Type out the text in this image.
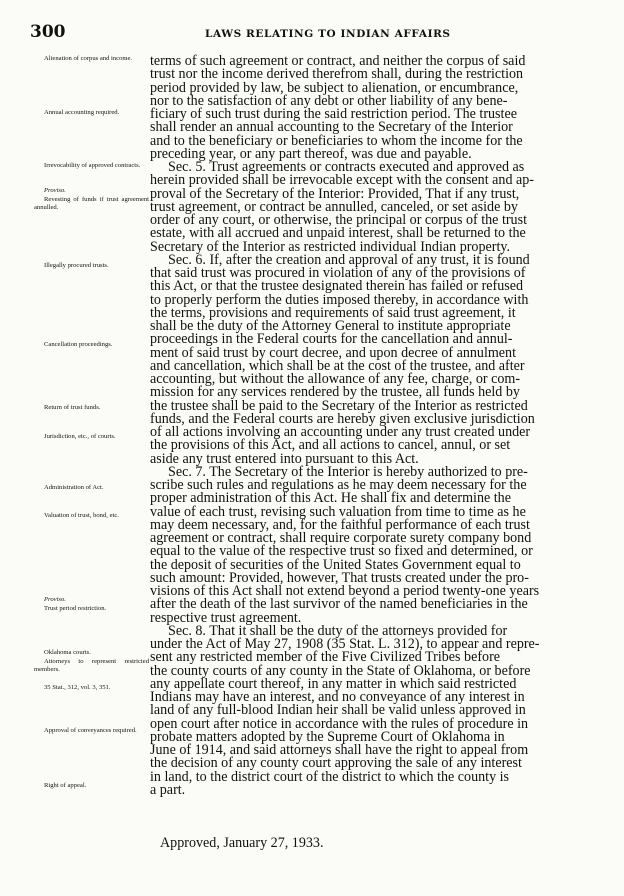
300	LAWS RELATING TO INDIAN AFFAIRS
Alienation of corpus and income.
Annual accounting required.
Irrevocability of approved contracts.
Proviso.
Revesting of funds if trust agreement annulled.
Illegally procured trusts.
Cancellation proceedings.
Return of trust funds.
Jurisdiction, etc., of courts.
Administration of Act.
Valuation of trust, bond, etc.
Proviso.
Trust period restriction.
Oklahoma courts.
Attorneys to represent restricted members.
35 Stat., 312, vol. 3, 351.
Approval of conveyances required.
Right of appeal.
terms of such agreement or contract, and neither the corpus of said
trust nor the income derived therefrom shall, during the restriction
period provided by law, be subject to alienation, or encumbrance,
nor to the satisfaction of any debt or other liability of any bene-
ficiary of such trust during the said restriction period. The trustee
shall render an annual accounting to the Secretary of the Interior
and to the beneficiary or beneficiaries to whom the income for the
preceding year, or any part thereof, was due and payable.
Sec. 5. Trust agreements or contracts executed and approved as
herein provided shall be irrevocable except with the consent and ap-
proval of the Secretary of the Interior: Provided, That if any trust,
trust agreement, or contract be annulled, canceled, or set aside by
order of any court, or otherwise, the principal or corpus of the trust
estate, with all accrued and unpaid interest, shall be returned to the
Secretary of the Interior as restricted individual Indian property.
Sec. 6. If, after the creation and approval of any trust, it is found
that said trust was procured in violation of any of the provisions of
this Act, or that the trustee designated therein has failed or refused
to properly perform the duties imposed thereby, in accordance with
the terms, provisions and requirements of said trust agreement, it
shall be the duty of the Attorney General to institute appropriate
proceedings in the Federal courts for the cancellation and annul-
ment of said trust by court decree, and upon decree of annulment
and cancellation, which shall be at the cost of the trustee, and after
accounting, but without the allowance of any fee, charge, or com-
mission for any services rendered by the trustee, all funds held by
the trustee shall be paid to the Secretary of the Interior as restricted
funds, and the Federal courts are hereby given exclusive jurisdiction
of all actions involving an accounting under any trust created under
the provisions of this Act, and all actions to cancel, annul, or set
aside any trust entered into pursuant to this Act.
Sec. 7. The Secretary of the Interior is hereby authorized to pre-
scribe such rules and regulations as he may deem necessary for the
proper administration of this Act. He shall fix and determine the
value of each trust, revising such valuation from time to time as he
may deem necessary, and, for the faithful performance of each trust
agreement or contract, shall require corporate surety company bond
equal to the value of the respective trust so fixed and determined, or
the deposit of securities of the United States Government equal to
such amount: Provided, however, That trusts created under the pro-
visions of this Act shall not extend beyond a period twenty-one years
after the death of the last survivor of the named beneficiaries in the
respective trust agreement.
Sec. 8. That it shall be the duty of the attorneys provided for
under the Act of May 27, 1908 (35 Stat. L. 312), to appear and repre-
sent any restricted member of the Five Civilized Tribes before
the county courts of any county in the State of Oklahoma, or before
any appellate court thereof, in any matter in which said restricted
Indians may have an interest, and no conveyance of any interest in
land of any full-blood Indian heir shall be valid unless approved in
open court after notice in accordance with the rules of procedure in
probate matters adopted by the Supreme Court of Oklahoma in
June of 1914, and said attorneys shall have the right to appeal from
the decision of any county court approving the sale of any interest
in land, to the district court of the district to which the county is
a part.
Approved, January 27, 1933.
